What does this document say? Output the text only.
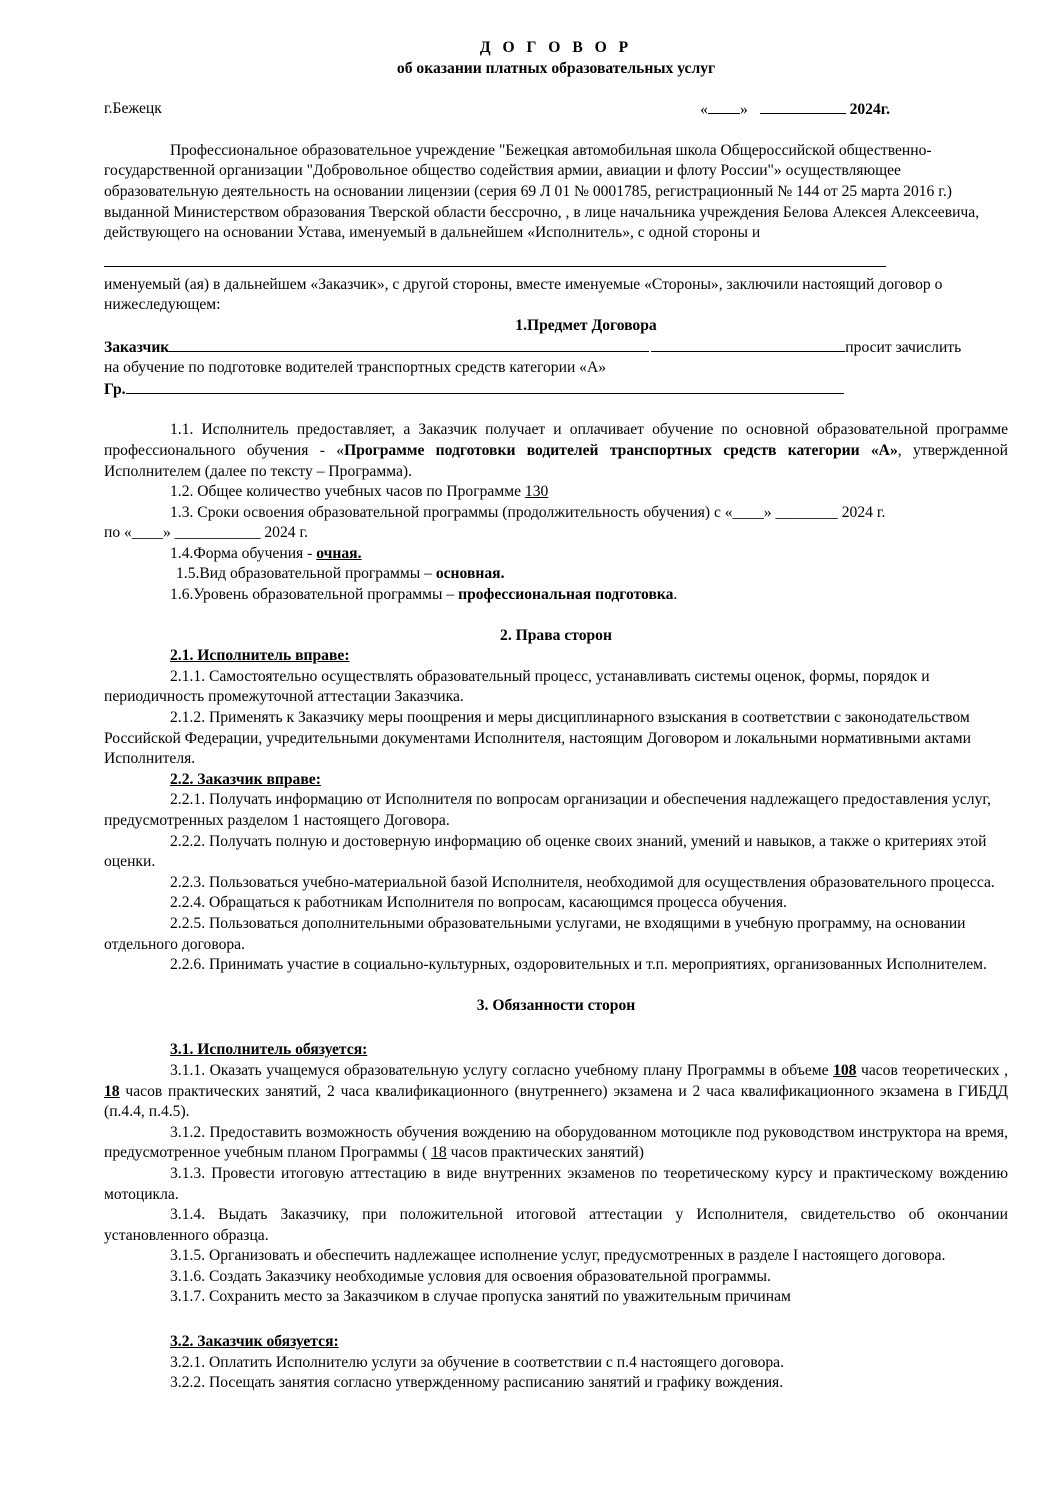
Д О Г О В О Р

об оказании платных образовательных услуг

г.Бежецк	« »	2024г.

Профессиональное образовательное учреждение "Бежецкая автомобильная школа Общероссийской общественно-государственной организации "Добровольное общество содействия армии, авиации и флоту России"» осуществляющее образовательную деятельность на основании лицензии (серия 69 Л 01 № 0001785, регистрационный № 144 от 25 марта 2016 г.) выданной Министерством образования Тверской области бессрочно, , в лице начальника учреждения Белова Алексея Алексеевича, действующего на основании Устава, именуемый в дальнейшем «Исполнитель», с одной стороны и

именуемый (ая) в дальнейшем «Заказчик», с другой стороны, вместе именуемые «Стороны», заключили настоящий договор о нижеследующем:

1.Предмет Договора

Заказчик	просит зачислить

на обучение по подготовке водителей транспортных средств категории «А»

Гр.

1.1. Исполнитель предоставляет, а Заказчик получает и оплачивает обучение по основной образовательной программе профессионального обучения - «Программе подготовки водителей транспортных средств категории «А», утвержденной Исполнителем (далее по тексту – Программа).

1.2. Общее количество учебных часов по Программе 130

1.3. Сроки освоения образовательной программы (продолжительность обучения) с «____» ________ 2024 г.

по «____» ___________ 2024 г.

1.4.Форма обучения - очная.

1.5.Вид образовательной программы – основная.

1.6.Уровень образовательной программы – профессиональная подготовка.

2. Права сторон

2.1. Исполнитель вправе:

2.1.1. Самостоятельно осуществлять образовательный процесс, устанавливать системы оценок, формы, порядок и периодичность промежуточной аттестации Заказчика.

2.1.2. Применять к Заказчику меры поощрения и меры дисциплинарного взыскания в соответствии с законодательством Российской Федерации, учредительными документами Исполнителя, настоящим Договором и локальными нормативными актами Исполнителя.

2.2. Заказчик вправе:

2.2.1. Получать информацию от Исполнителя по вопросам организации и обеспечения надлежащего предоставления услуг, предусмотренных разделом 1 настоящего Договора.

2.2.2. Получать полную и достоверную информацию об оценке своих знаний, умений и навыков, а также о критериях этой оценки.

2.2.3. Пользоваться учебно-материальной базой Исполнителя, необходимой для осуществления образовательного процесса.

2.2.4. Обращаться к работникам Исполнителя по вопросам, касающимся процесса обучения.

2.2.5. Пользоваться дополнительными образовательными услугами, не входящими в учебную программу, на основании отдельного договора.

2.2.6. Принимать участие в социально-культурных, оздоровительных и т.п. мероприятиях, организованных Исполнителем.

3. Обязанности сторон

3.1. Исполнитель обязуется:

3.1.1. Оказать учащемуся образовательную услугу согласно учебному плану Программы в объеме 108 часов теоретических , 18 часов практических занятий, 2 часа квалификационного (внутреннего) экзамена и 2 часа квалификационного экзамена в ГИБДД (п.4.4, п.4.5).

3.1.2. Предоставить возможность обучения вождению на оборудованном мотоцикле под руководством инструктора на время, предусмотренное учебным планом Программы ( 18 часов практических занятий)

3.1.3. Провести итоговую аттестацию в виде внутренних экзаменов по теоретическому курсу и практическому вождению мотоцикла.

3.1.4. Выдать Заказчику, при положительной итоговой аттестации у Исполнителя, свидетельство об окончании установленного образца.

3.1.5. Организовать и обеспечить надлежащее исполнение услуг, предусмотренных в разделе I настоящего договора.

3.1.6. Создать Заказчику необходимые условия для освоения образовательной программы.

3.1.7. Сохранить место за Заказчиком в случае пропуска занятий по уважительным причинам

3.2. Заказчик обязуется:

3.2.1. Оплатить Исполнителю услуги за обучение в соответствии с п.4 настоящего договора.

3.2.2. Посещать занятия согласно утвержденному расписанию занятий и графику вождения.
